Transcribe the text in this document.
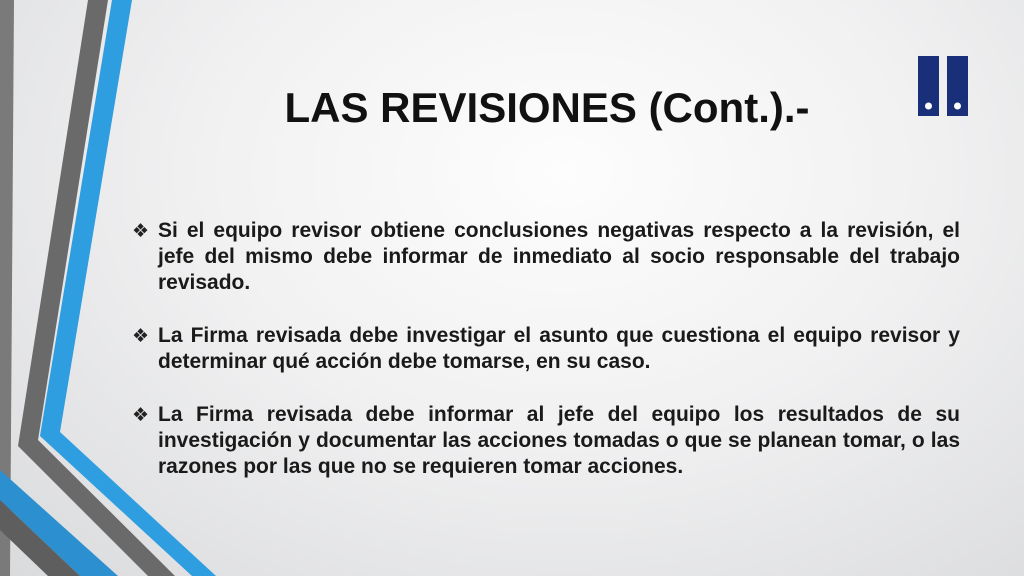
LAS REVISIONES (Cont.).-
❖ Si el equipo revisor obtiene conclusiones negativas respecto a la revisión, el jefe del mismo debe informar de inmediato al socio responsable del trabajo revisado.
❖ La Firma revisada debe investigar el asunto que cuestiona el equipo revisor y determinar qué acción debe tomarse, en su caso.
❖ La Firma revisada debe informar al jefe del equipo los resultados de su investigación y documentar las acciones tomadas o que se planean tomar, o las razones por las que no se requieren tomar acciones.
